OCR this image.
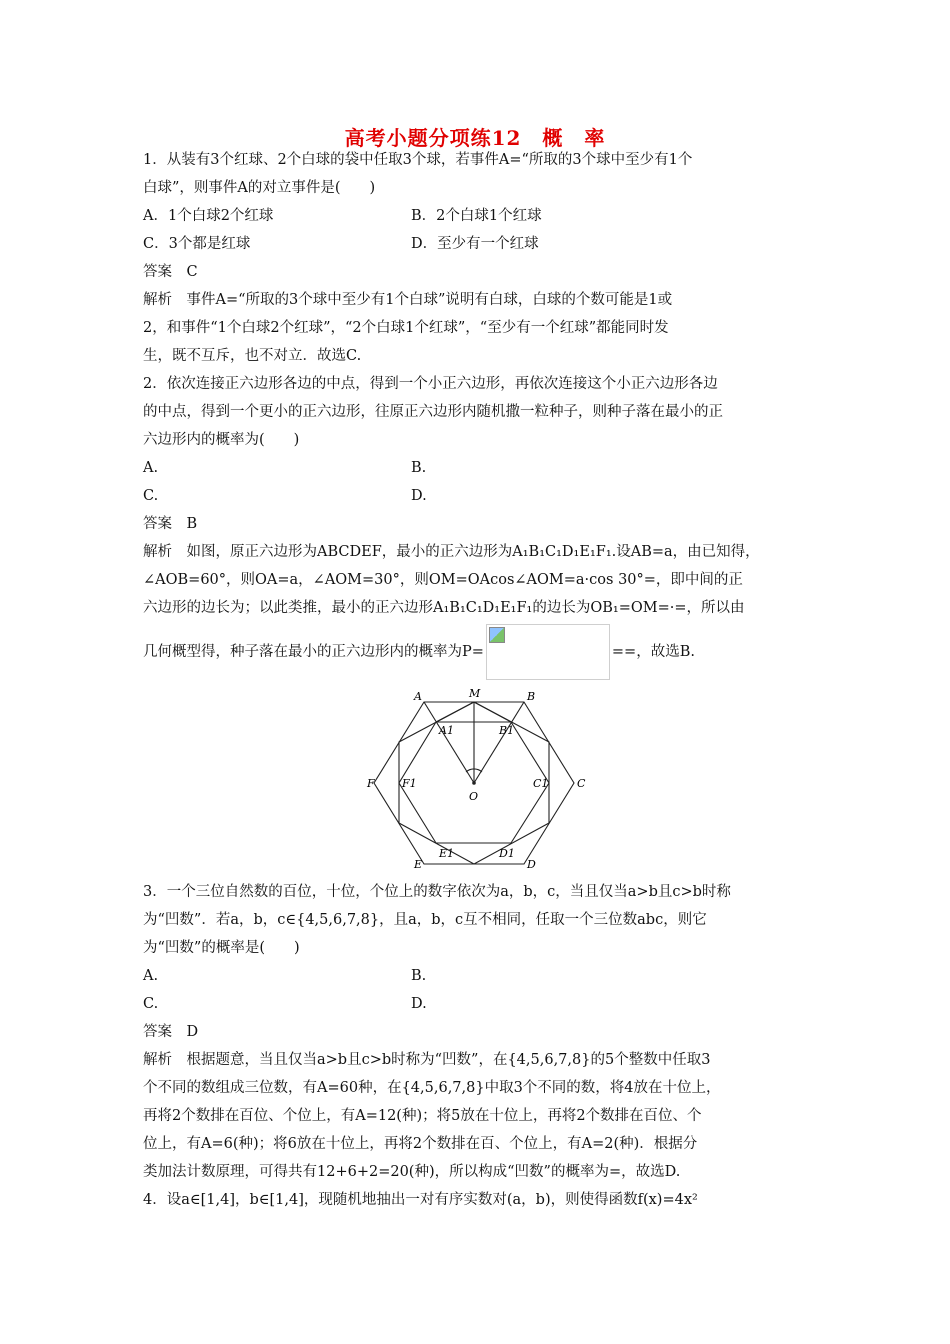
高考小题分项练12　概　率

1．从装有3个红球、2个白球的袋中任取3个球，若事件A=“所取的3个球中至少有1个

白球”，则事件A的对立事件是(　　)

A．1个白球2个红球	B．2个白球1个红球
C．3个都是红球	D．至少有一个红球

答案　C

解析　事件A=“所取的3个球中至少有1个白球”说明有白球，白球的个数可能是1或

2，和事件“1个白球2个红球”，“2个白球1个红球”，“至少有一个红球”都能同时发

生，既不互斥，也不对立．故选C.

2．依次连接正六边形各边的中点，得到一个小正六边形，再依次连接这个小正六边形各边

的中点，得到一个更小的正六边形，往原正六边形内随机撒一粒种子，则种子落在最小的正

六边形内的概率为(　　)

A.	B.
C.	D.

答案　B

解析　如图，原正六边形为ABCDEF，最小的正六边形为A₁B₁C₁D₁E₁F₁.设AB=a，由已知得，

∠AOB=60°，则OA=a，∠AOM=30°，则OM=OAcos∠AOM=a·cos 30°=，即中间的正

六边形的边长为；以此类推，最小的正六边形A₁B₁C₁D₁E₁F₁的边长为OB₁=OM=·=，所以由

几何概型得，种子落在最小的正六边形内的概率为P=	==，故选B.
A	M	B
A1	B1
F F1
O
C1	C
E1	D1
E	D

3．一个三位自然数的百位，十位，个位上的数字依次为a，b，c，当且仅当a>b且c>b时称

为“凹数”．若a，b，c∈{4,5,6,7,8}，且a，b，c互不相同，任取一个三位数abc，则它

为“凹数”的概率是(　　)

A.	B.
C.	D.

答案　D

解析　根据题意，当且仅当a>b且c>b时称为“凹数”，在{4,5,6,7,8}的5个整数中任取3

个不同的数组成三位数，有A=60种，在{4,5,6,7,8}中取3个不同的数，将4放在十位上，

再将2个数排在百位、个位上，有A=12(种)；将5放在十位上，再将2个数排在百位、个

位上，有A=6(种)；将6放在十位上，再将2个数排在百、个位上，有A=2(种)．根据分

类加法计数原理，可得共有12+6+2=20(种)，所以构成“凹数”的概率为=，故选D.

4．设a∈[1,4]，b∈[1,4]，现随机地抽出一对有序实数对(a，b)，则使得函数f(x)=4x²
